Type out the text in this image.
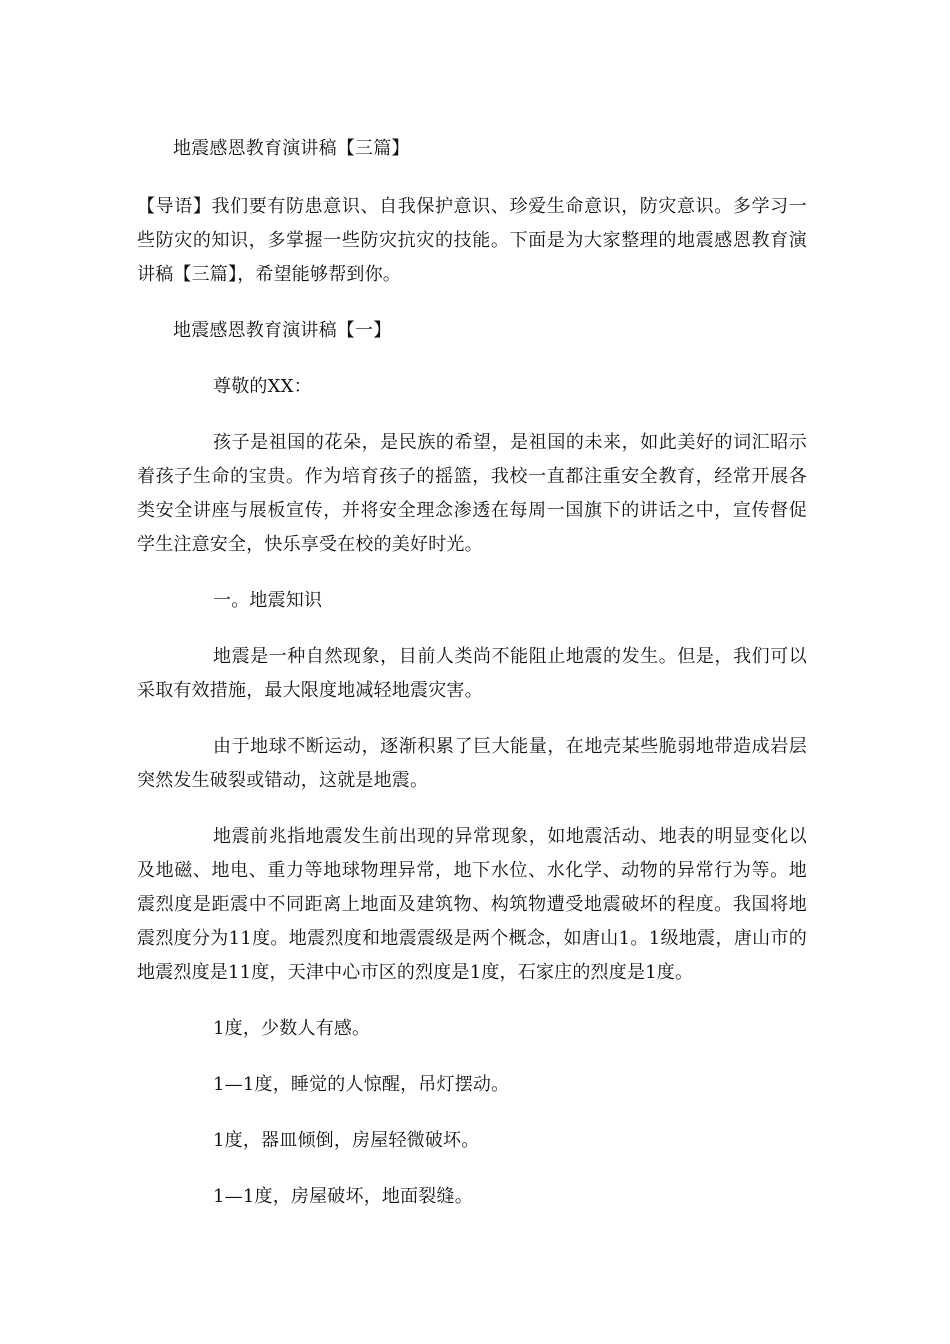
地震感恩教育演讲稿【三篇】

【导语】我们要有防患意识、自我保护意识、珍爱生命意识，防灾意识。多学习一些防灾的知识，多掌握一些防灾抗灾的技能。下面是为大家整理的地震感恩教育演讲稿【三篇】，希望能够帮到你。

地震感恩教育演讲稿【一】

尊敬的XX：

孩子是祖国的花朵，是民族的希望，是祖国的未来，如此美好的词汇昭示着孩子生命的宝贵。作为培育孩子的摇篮，我校一直都注重安全教育，经常开展各类安全讲座与展板宣传，并将安全理念渗透在每周一国旗下的讲话之中，宣传督促学生注意安全，快乐享受在校的美好时光。

一。地震知识

地震是一种自然现象，目前人类尚不能阻止地震的发生。但是，我们可以采取有效措施，最大限度地减轻地震灾害。

由于地球不断运动，逐渐积累了巨大能量，在地壳某些脆弱地带造成岩层突然发生破裂或错动，这就是地震。

地震前兆指地震发生前出现的异常现象，如地震活动、地表的明显变化以及地磁、地电、重力等地球物理异常，地下水位、水化学、动物的异常行为等。地震烈度是距震中不同距离上地面及建筑物、构筑物遭受地震破坏的程度。我国将地震烈度分为11度。地震烈度和地震震级是两个概念，如唐山1。1级地震，唐山市的地震烈度是11度，天津中心市区的烈度是1度，石家庄的烈度是1度。

1度，少数人有感。

1—1度，睡觉的人惊醒，吊灯摆动。

1度，器皿倾倒，房屋轻微破坏。

1—1度，房屋破坏，地面裂缝。
